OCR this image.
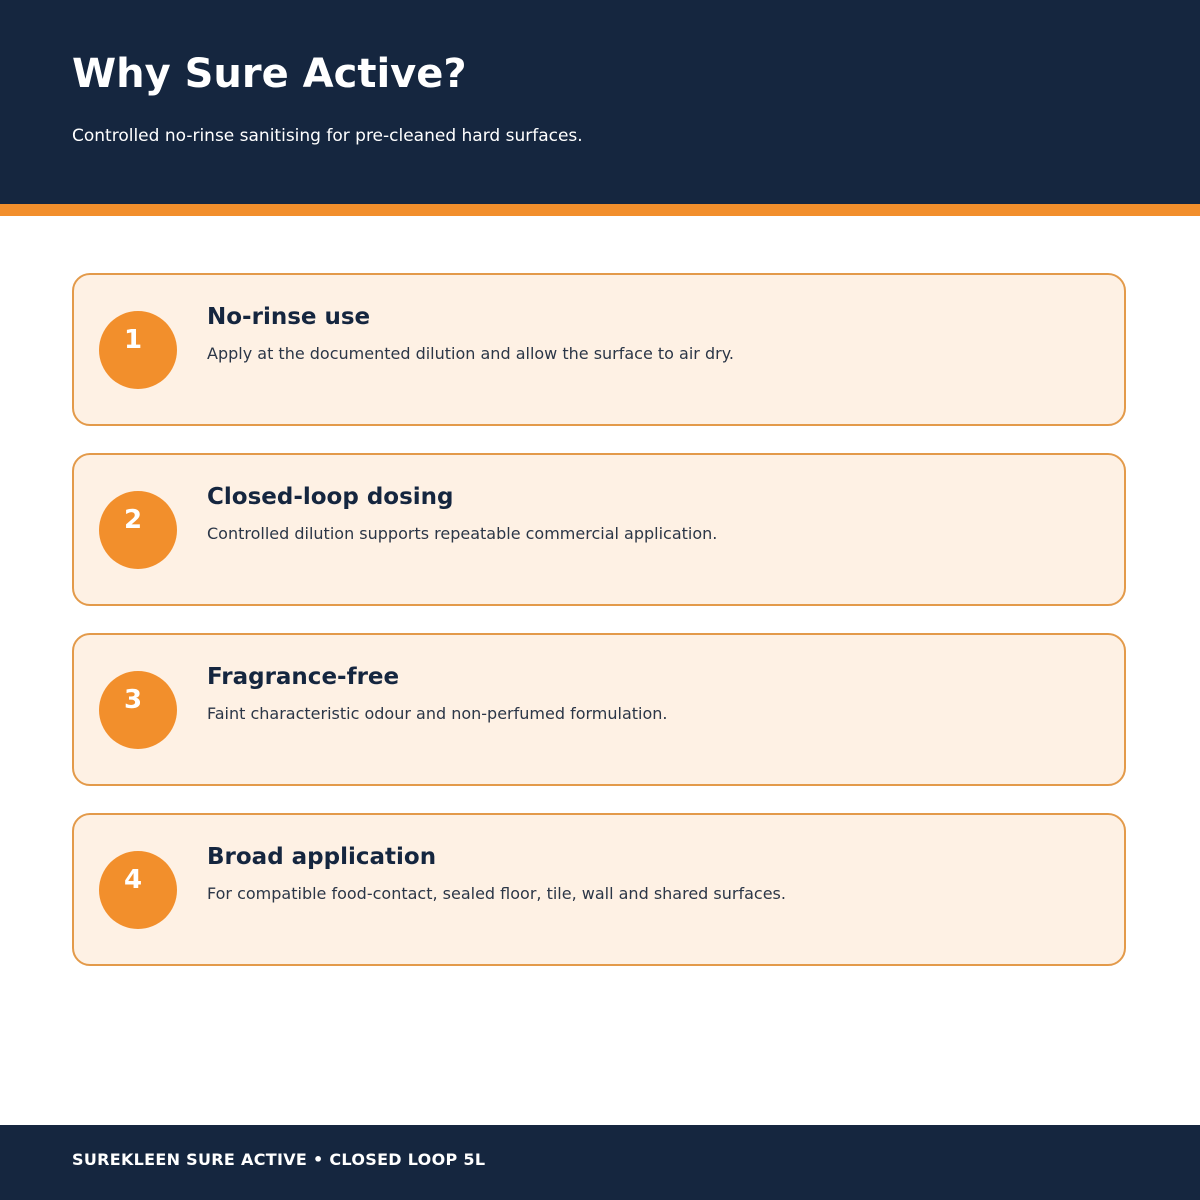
Why Sure Active?

Controlled no-rinse sanitising for pre-cleaned hard surfaces.

1
No-rinse use

Apply at the documented dilution and allow the surface to air dry.

2
Closed-loop dosing

Controlled dilution supports repeatable commercial application.

3
Fragrance-free

Faint characteristic odour and non-perfumed formulation.

4
Broad application

For compatible food-contact, sealed floor, tile, wall and shared surfaces.

SUREKLEEN SURE ACTIVE • CLOSED LOOP 5L
